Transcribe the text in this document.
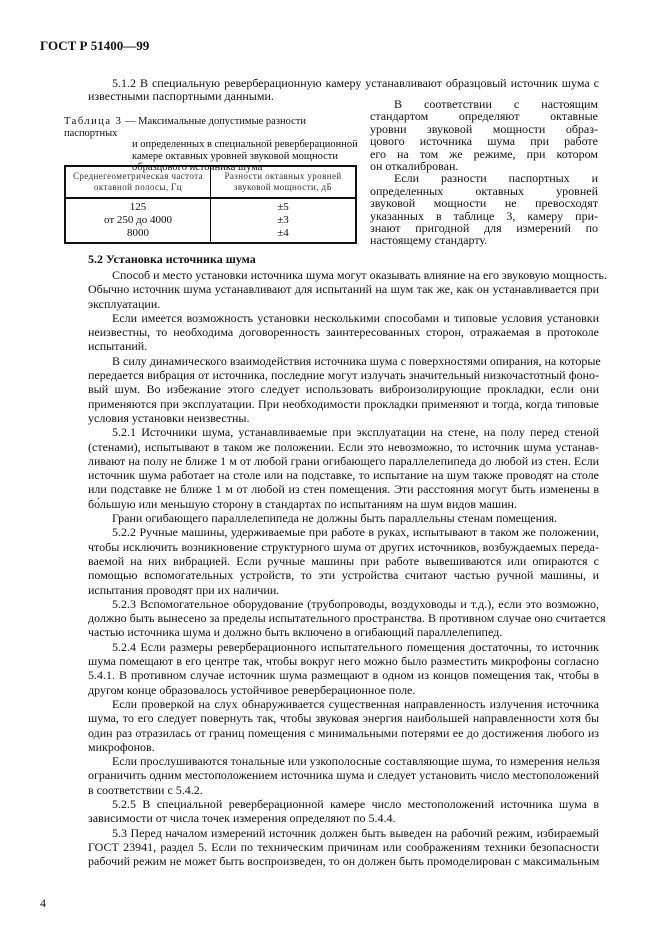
ГОСТ Р 51400—99
5.1.2 В специальную реверберационную камеру устанавливают образцовый источник шума с
известными паспортными данными.
Таблица 3 — Максимальные допустимые разности паспортных
и определенных в специальной реверберационной
камере октавных уровней звуковой мощности
образцового источника шума
Среднегеометрическая частота октавной полосы, Гц	Разности октавных уровней звуковой мощности, дБ
125	±5
от 250 до 4000	±3
8000	±4
В соответствии с настоящим
стандартом определяют октавные
уровни звуковой мощности образ-
цового источника шума при работе
его на том же режиме, при котором
он откалиброван.
Если разности паспортных и
определенных октавных уровней
звуковой мощности не превосходят
указанных в таблице 3, камеру при-
знают пригодной для измерений по
настоящему стандарту.
5.2 Установка источника шума
Способ и место установки источника шума могут оказывать влияние на его звуковую мощность.
Обычно источник шума устанавливают для испытаний на шум так же, как он устанавливается при
эксплуатации.
Если имеется возможность установки несколькими способами и типовые условия установки
неизвестны, то необходима договоренность заинтересованных сторон, отражаемая в протоколе
испытаний.
В силу динамического взаимодействия источника шума с поверхностями опирания, на которые
передается вибрация от источника, последние могут излучать значительный низкочастотный фоно-
вый шум. Во избежание этого следует использовать виброизолирующие прокладки, если они
применяются при эксплуатации. При необходимости прокладки применяют и тогда, когда типовые
условия установки неизвестны.
5.2.1 Источники шума, устанавливаемые при эксплуатации на стене, на полу перед стеной
(стенами), испытывают в таком же положении. Если это невозможно, то источник шума устанав-
ливают на полу не ближе 1 м от любой грани огибающего параллелепипеда до любой из стен. Если
источник шума работает на столе или на подставке, то испытание на шум также проводят на столе
или подставке не ближе 1 м от любой из стен помещения. Эти расстояния могут быть изменены в
бо́льшую или меньшую сторону в стандартах по испытаниям на шум видов машин.
Грани огибающего параллелепипеда не должны быть параллельны стенам помещения.
5.2.2 Ручные машины, удерживаемые при работе в руках, испытывают в таком же положении,
чтобы исключить возникновение структурного шума от других источников, возбуждаемых переда-
ваемой на них вибрацией. Если ручные машины при работе вывешиваются или опираются с
помощью вспомогательных устройств, то эти устройства считают частью ручной машины, и
испытания проводят при их наличии.
5.2.3 Вспомогательное оборудование (трубопроводы, воздуховоды и т.д.), если это возможно,
должно быть вынесено за пределы испытательного пространства. В противном случае оно считается
частью источника шума и должно быть включено в огибающий параллелепипед.
5.2.4 Если размеры реверберационного испытательного помещения достаточны, то источник
шума помещают в его центре так, чтобы вокруг него можно было разместить микрофоны согласно
5.4.1. В противном случае источник шума размещают в одном из концов помещения так, чтобы в
другом конце образовалось устойчивое реверберационное поле.
Если проверкой на слух обнаруживается существенная направленность излучения источника
шума, то его следует повернуть так, чтобы звуковая энергия наибольшей направленности хотя бы
один раз отразилась от границ помещения с минимальными потерями ее до достижения любого из
микрофонов.
Если прослушиваются тональные или узкополосные составляющие шума, то измерения нельзя
ограничить одним местоположением источника шума и следует установить число местоположений
в соответствии с 5.4.2.
5.2.5 В специальной реверберационной камере число местоположений источника шума в
зависимости от числа точек измерения определяют по 5.4.4.
5.3 Перед началом измерений источник должен быть выведен на рабочий режим, избираемый
ГОСТ 23941, раздел 5. Если по техническим причинам или соображениям техники безопасности
рабочий режим не может быть воспроизведен, то он должен быть промоделирован с максимальным
4
